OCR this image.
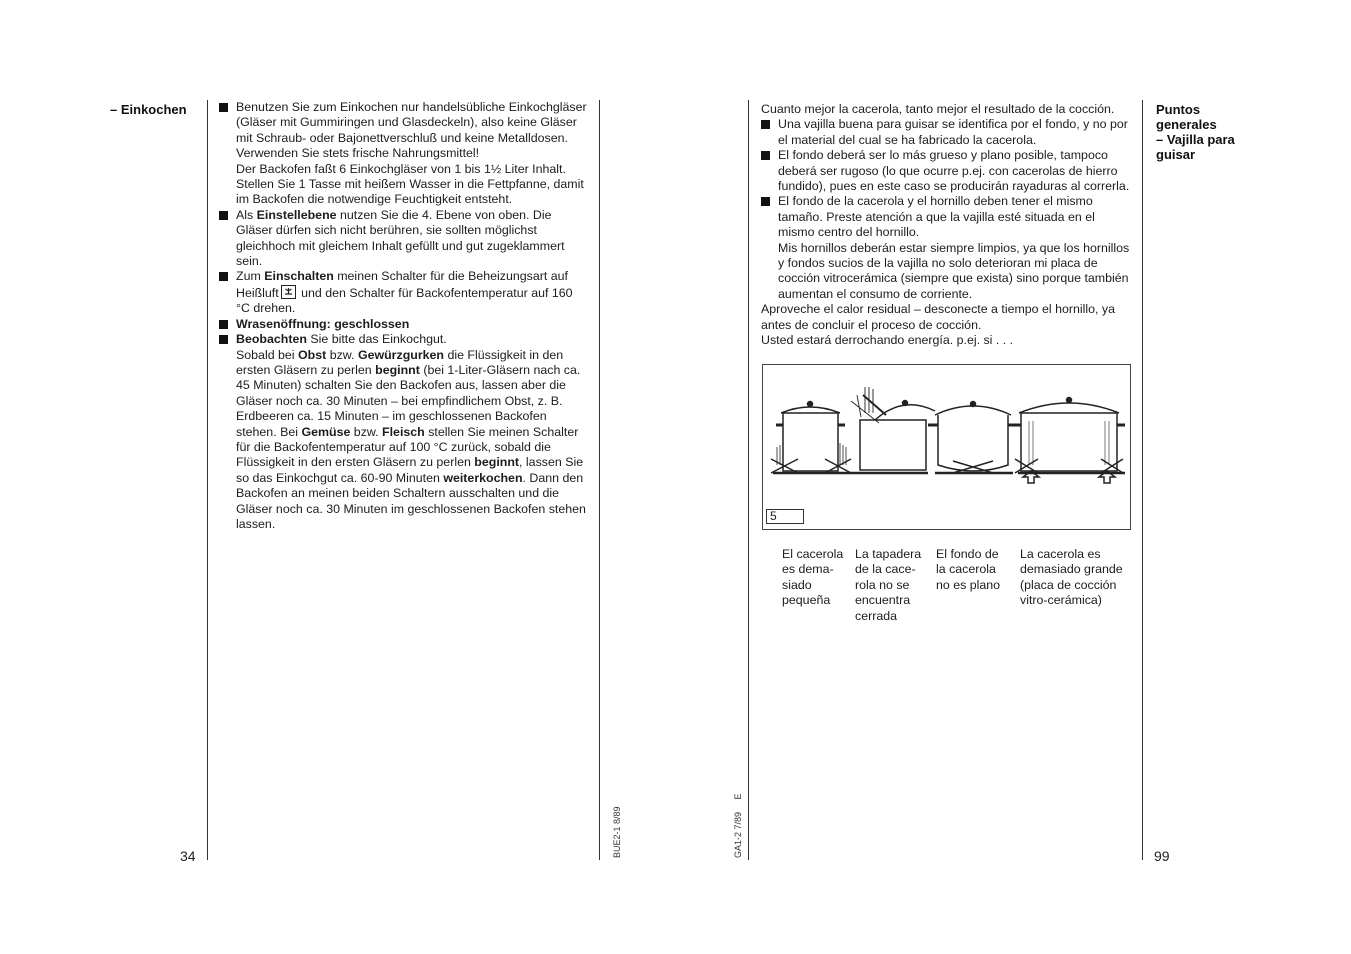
– Einkochen	Benutzen Sie zum Einkochen nur handelsübliche Einkochgläser (Gläser mit Gummiringen und Glasdeckeln), also keine Gläser mit Schraub- oder Bajonettverschluß und keine Metalldosen. Verwenden Sie stets frische Nahrungsmittel!

Der Backofen faßt 6 Einkochgläser von 1 bis 1½ Liter Inhalt. Stellen Sie 1 Tasse mit heißem Wasser in die Fettpfanne, damit im Backofen die notwendige Feuchtigkeit entsteht.

Als Einstellebene nutzen Sie die 4. Ebene von oben. Die Gläser dürfen sich nicht berühren, sie sollten möglichst gleichhoch mit gleichem Inhalt gefüllt und gut zugeklammert sein.

Zum Einschalten meinen Schalter für die Beheizungsart auf Heißluft
und den Schalter für Backofentemperatur auf 160 °C drehen.

Wrasenöffnung: geschlossen

Beobachten Sie bitte das Einkochgut.

Sobald bei Obst bzw. Gewürzgurken die Flüssigkeit in den ersten Gläsern zu perlen beginnt (bei 1-Liter-Gläsern nach ca. 45 Minuten) schalten Sie den Backofen aus, lassen aber die Gläser noch ca. 30 Minuten – bei empfindlichem Obst, z. B. Erdbeeren ca. 15 Minuten – im geschlossenen Backofen stehen. Bei Gemüse bzw. Fleisch stellen Sie meinen Schalter für die Backofentemperatur auf 100 °C zurück, sobald die Flüssigkeit in den ersten Gläsern zu perlen beginnt, lassen Sie so das Einkochgut ca. 60-90 Minuten weiterkochen. Dann den Backofen an meinen beiden Schaltern ausschalten und die Gläser noch ca. 30 Minuten im geschlossenen Backofen stehen lassen.

34	BUE2-1 8/89	GA1-2 7/89 E
Puntos
generales
– Vajilla para
guisar

Cuanto mejor la cacerola, tanto mejor el resultado de la cocción.

Una vajilla buena para guisar se identifica por el fondo, y no por el material del cual se ha fabricado la cacerola.

El fondo deberá ser lo más grueso y plano posible, tampoco deberá ser rugoso (lo que ocurre p.ej. con cacerolas de hierro fundido), pues en este caso se producirán rayaduras al correrla.

El fondo de la cacerola y el hornillo deben tener el mismo tamaño. Preste atención a que la vajilla esté situada en el mismo centro del hornillo.

Mis hornillos deberán estar siempre limpios, ya que los hornillos y fondos sucios de la vajilla no solo deterioran mi placa de cocción vitrocerámica (siempre que exista) sino porque también aumentan el consumo de corriente.

Aproveche el calor residual – desconecte a tiempo el hornillo, ya antes de concluir el proceso de cocción.

Usted estará derrochando energía. p.ej. si . . .

5
El cacerola
es dema-
siado
pequeña
La tapadera
de la cace-
rola no se
encuentra
cerrada
El fondo de
la cacerola
no es plano
La cacerola es
demasiado grande
(placa de cocción
vitro-cerámica)
99
